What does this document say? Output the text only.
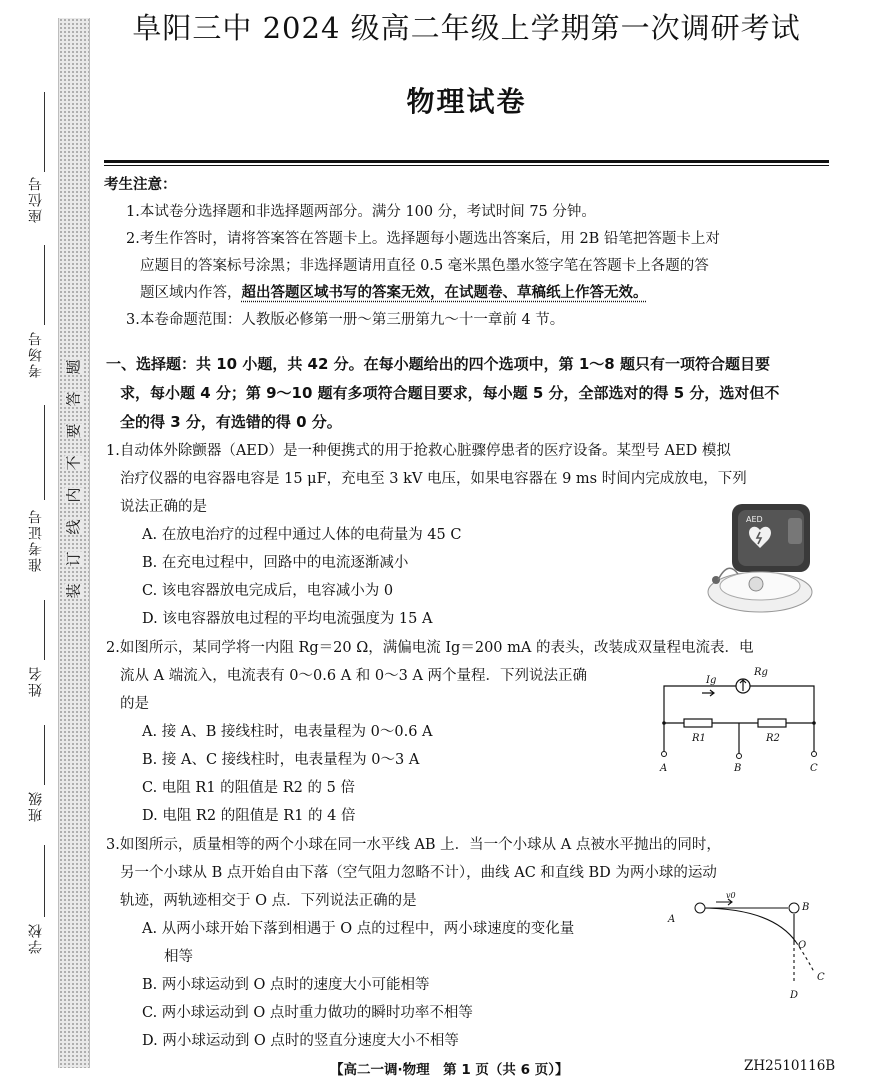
座位号
考场号
准考证号
姓名
班级
学校
装
订
线
内
不
要
答
题
阜阳三中 2024 级高二年级上学期第一次调研考试
物理试卷
考生注意：
1.本试卷分选择题和非选择题两部分。满分 100 分，考试时间 75 分钟。
2.考生作答时，请将答案答在答题卡上。选择题每小题选出答案后，用 2B 铅笔把答题卡上对
应题目的答案标号涂黑；非选择题请用直径 0.5 毫米黑色墨水签字笔在答题卡上各题的答
题区域内作答，超出答题区域书写的答案无效，在试题卷、草稿纸上作答无效。
3.本卷命题范围：人教版必修第一册～第三册第九～十一章前 4 节。
一、选择题：共 10 小题，共 42 分。在每小题给出的四个选项中，第 1～8 题只有一项符合题目要
求，每小题 4 分；第 9～10 题有多项符合题目要求，每小题 5 分，全部选对的得 5 分，选对但不
全的得 3 分，有选错的得 0 分。
1.自动体外除颤器（AED）是一种便携式的用于抢救心脏骤停患者的医疗设备。某型号 AED 模拟
治疗仪器的电容器电容是 15 μF，充电至 3 kV 电压，如果电容器在 9 ms 时间内完成放电，下列
说法正确的是
A. 在放电治疗的过程中通过人体的电荷量为 45 C
B. 在充电过程中，回路中的电流逐渐减小
C. 该电容器放电完成后，电容减小为 0
D. 该电容器放电过程的平均电流强度为 15 A
2.如图所示，某同学将一内阻 Rg＝20 Ω，满偏电流 Ig＝200 mA 的表头，改装成双量程电流表．电
流从 A 端流入，电流表有 0～0.6 A 和 0～3 A 两个量程．下列说法正确
的是
A. 接 A、B 接线柱时，电表量程为 0～0.6 A
B. 接 A、C 接线柱时，电表量程为 0～3 A
C. 电阻 R1 的阻值是 R2 的 5 倍
D. 电阻 R2 的阻值是 R1 的 4 倍
3.如图所示，质量相等的两个小球在同一水平线 AB 上．当一个小球从 A 点被水平抛出的同时，
另一个小球从 B 点开始自由下落（空气阻力忽略不计），曲线 AC 和直线 BD 为两小球的运动
轨迹，两轨迹相交于 O 点．下列说法正确的是
A. 从两小球开始下落到相遇于 O 点的过程中，两小球速度的变化量
相等
B. 两小球运动到 O 点时的速度大小可能相等
C. 两小球运动到 O 点时重力做功的瞬时功率不相等
D. 两小球运动到 O 点时的竖直分速度大小不相等
AED
Ig
Rg
R1	R2
A	B	C
A
B
O
C
D
v0
【高二一调·物理　第 1 页（共 6 页）】	ZH2510116B
